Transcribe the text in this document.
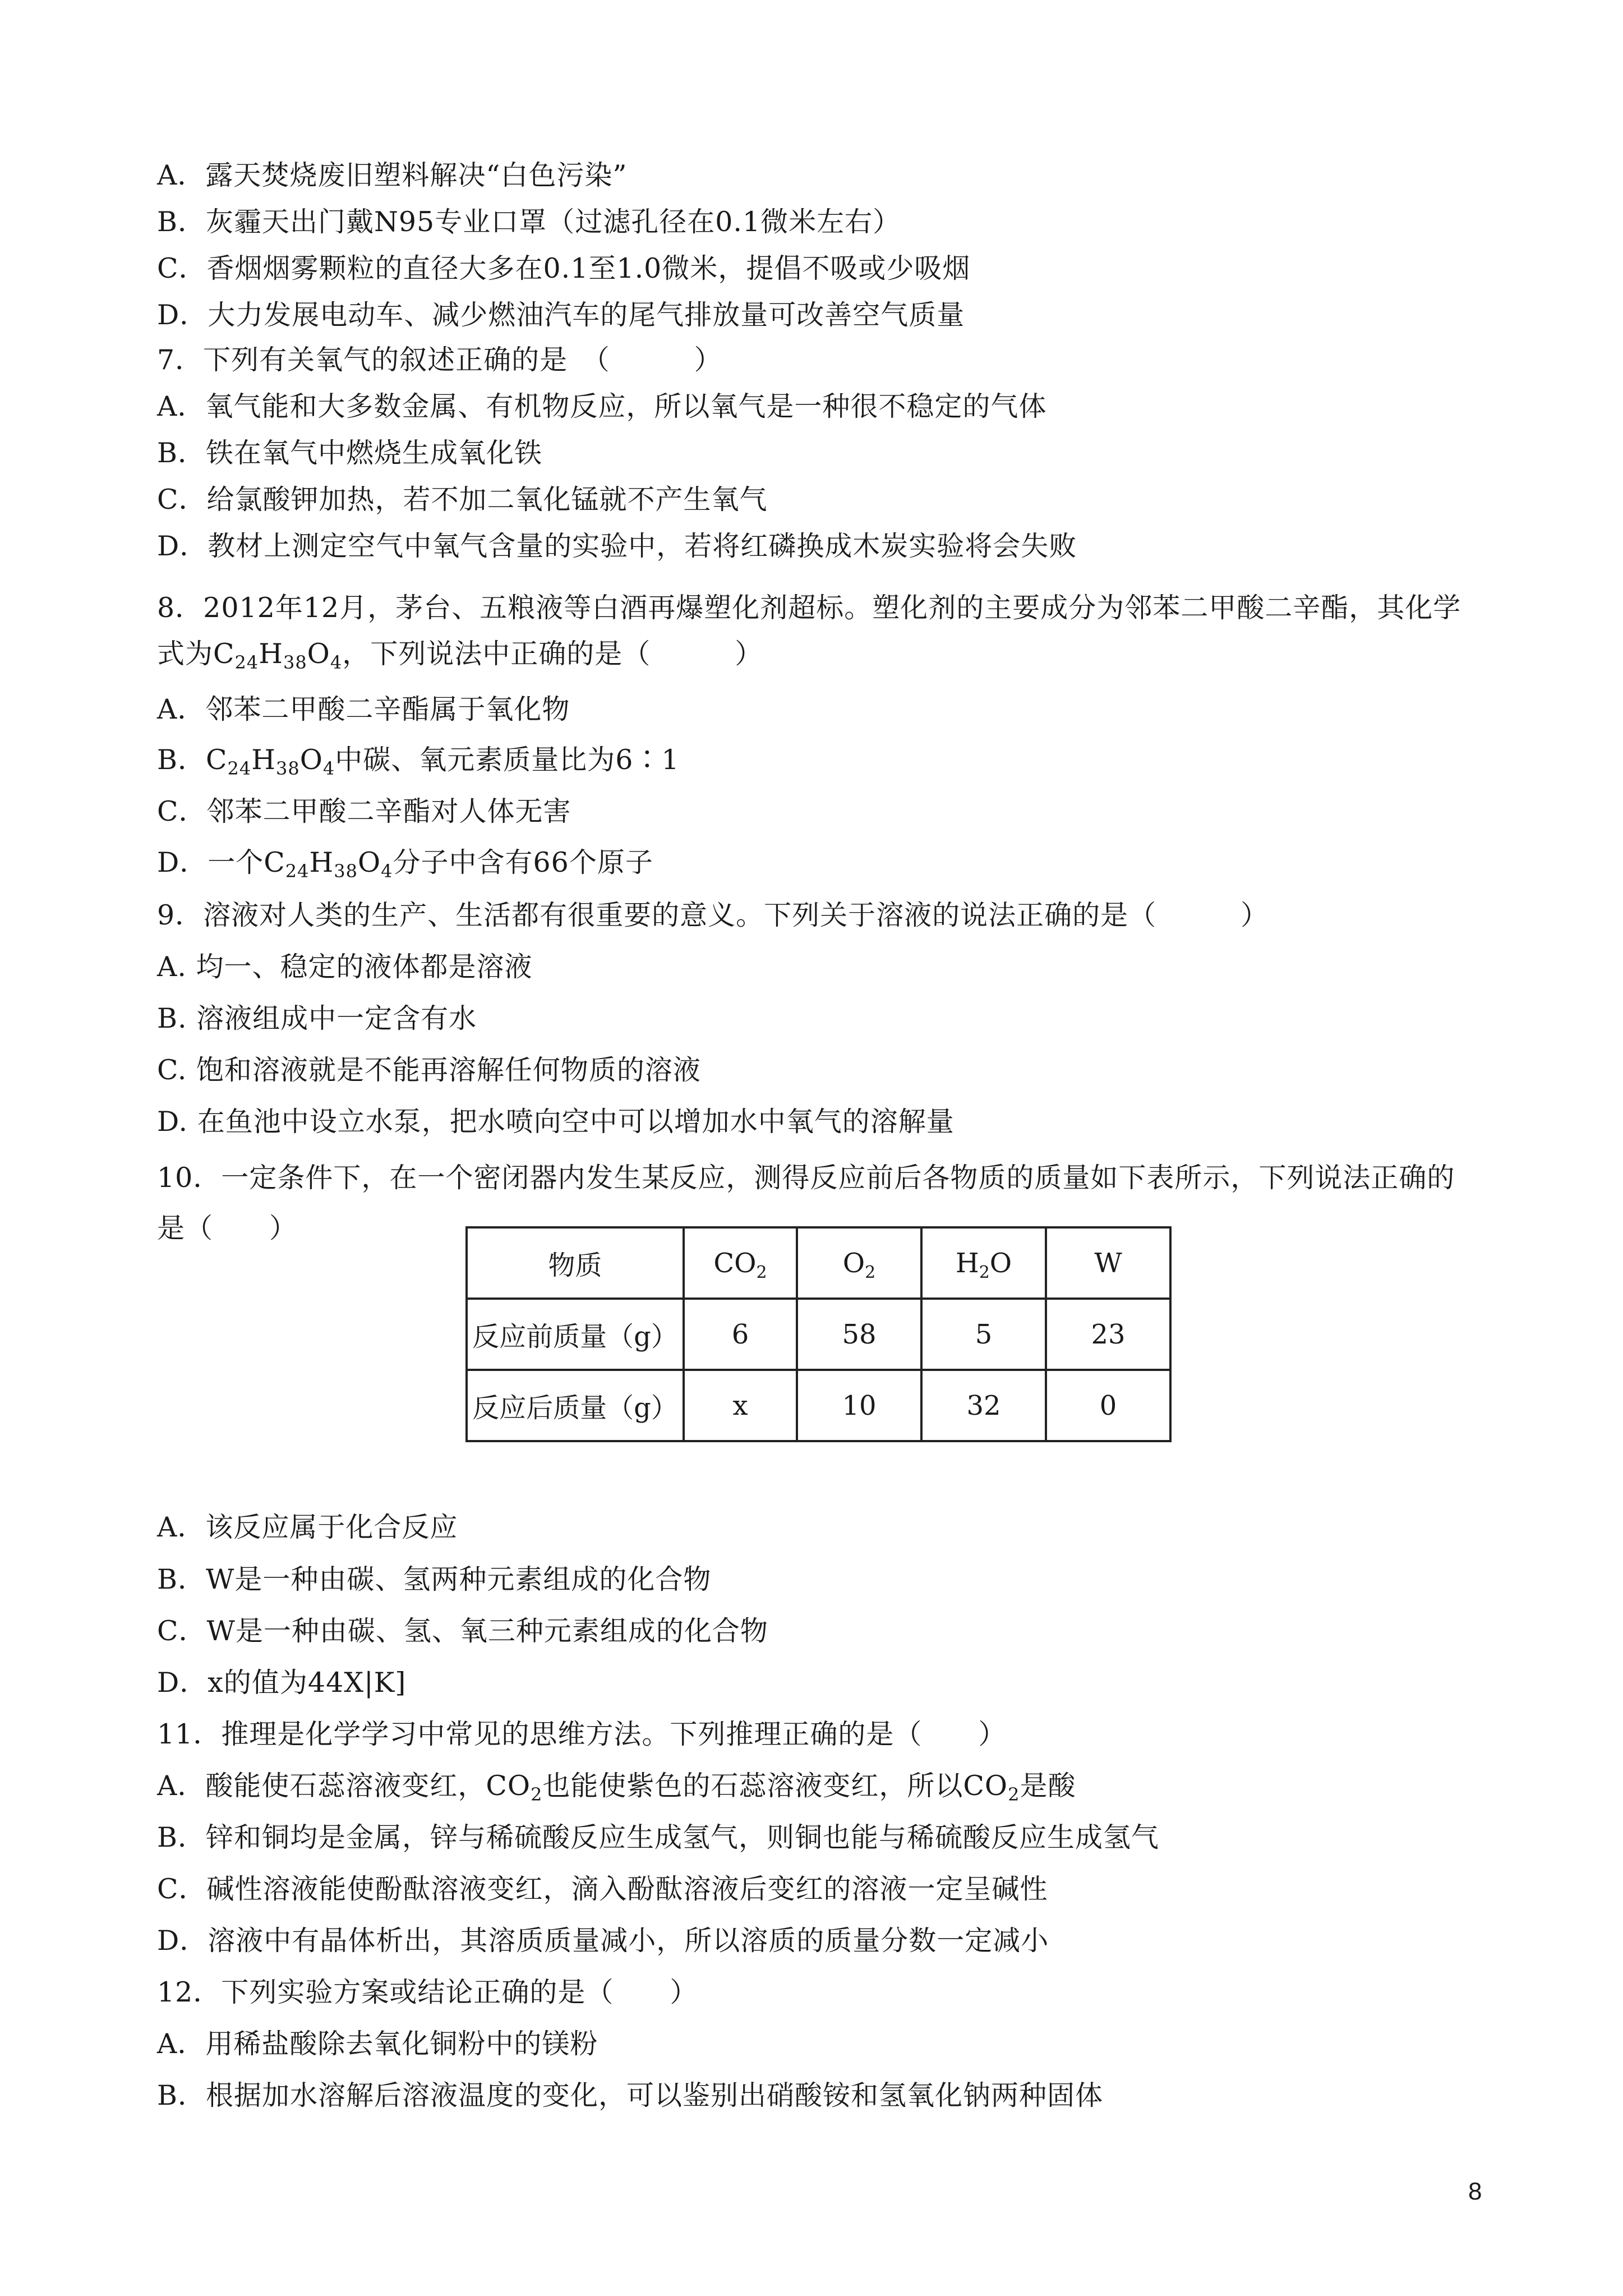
A．露天焚烧废旧塑料解决“白色污染”
B．灰霾天出门戴N95专业口罩（过滤孔径在0.1微米左右）
C．香烟烟雾颗粒的直径大多在0.1至1.0微米，提倡不吸或少吸烟
D．大力发展电动车、减少燃油汽车的尾气排放量可改善空气质量
7．下列有关氧气的叙述正确的是　（　　　）
A．氧气能和大多数金属、有机物反应，所以氧气是一种很不稳定的气体
B．铁在氧气中燃烧生成氧化铁
C．给氯酸钾加热，若不加二氧化锰就不产生氧气
D．教材上测定空气中氧气含量的实验中，若将红磷换成木炭实验将会失败
8．2012年12月，茅台、五粮液等白酒再爆塑化剂超标。塑化剂的主要成分为邻苯二甲酸二辛酯，其化学
式为$C_{24}H_{38}O_4$，下列说法中正确的是（　　　）
A．邻苯二甲酸二辛酯属于氧化物
B．$C_{24}H_{38}O_4$中碳、氧元素质量比为6∶1
C．邻苯二甲酸二辛酯对人体无害
D．一个$C_{24}H_{38}O_4$分子中含有66个原子
9．溶液对人类的生产、生活都有很重要的意义。下列关于溶液的说法正确的是（　　　）
A. 均一、稳定的液体都是溶液
B. 溶液组成中一定含有水
C. 饱和溶液就是不能再溶解任何物质的溶液
D. 在鱼池中设立水泵，把水喷向空中可以增加水中氧气的溶解量
10．一定条件下，在一个密闭器内发生某反应，测得反应前后各物质的质量如下表所示，下列说法正确的
是（　　）
物质	$CO_2$	$O_2$	$H_2O$	W
反应前质量（g）	6	58	5	23
反应后质量（g）	x	10	32	0
A．该反应属于化合反应
B．W是一种由碳、氢两种元素组成的化合物
C．W是一种由碳、氢、氧三种元素组成的化合物
D．x的值为44X|K]
11．推理是化学学习中常见的思维方法。下列推理正确的是（　　）
A．酸能使石蕊溶液变红，$CO_2$也能使紫色的石蕊溶液变红，所以$CO_2$是酸
B．锌和铜均是金属，锌与稀硫酸反应生成氢气，则铜也能与稀硫酸反应生成氢气
C．碱性溶液能使酚酞溶液变红，滴入酚酞溶液后变红的溶液一定呈碱性
D．溶液中有晶体析出，其溶质质量减小，所以溶质的质量分数一定减小
12．下列实验方案或结论正确的是（　　）
A．用稀盐酸除去氧化铜粉中的镁粉
B．根据加水溶解后溶液温度的变化，可以鉴别出硝酸铵和氢氧化钠两种固体
8
